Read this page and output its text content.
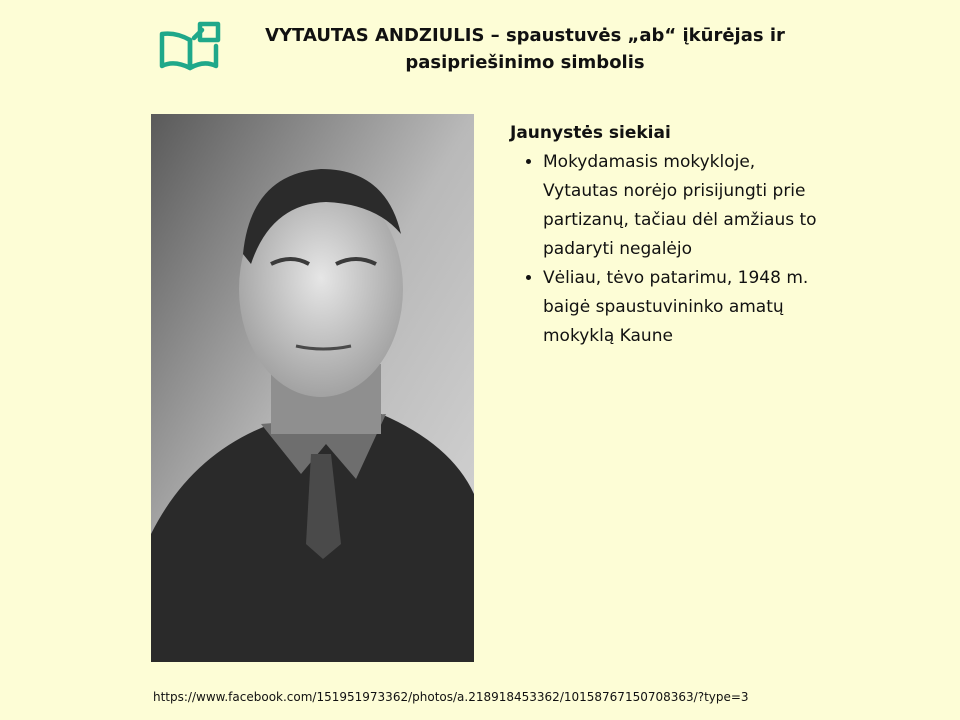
VYTAUTAS ANDZIULIS – spaustuvės „ab“ įkūrėjas ir pasipriešinimo simbolis
Jaunystės siekiai
• Mokydamasis mokykloje, Vytautas norėjo prisijungti prie partizanų, tačiau dėl amžiaus to padaryti negalėjo
• Vėliau, tėvo patarimu, 1948 m. baigė spaustuvininko amatų mokyklą Kaune
https://www.facebook.com/151951973362/photos/a.218918453362/10158767150708363/?type=3
